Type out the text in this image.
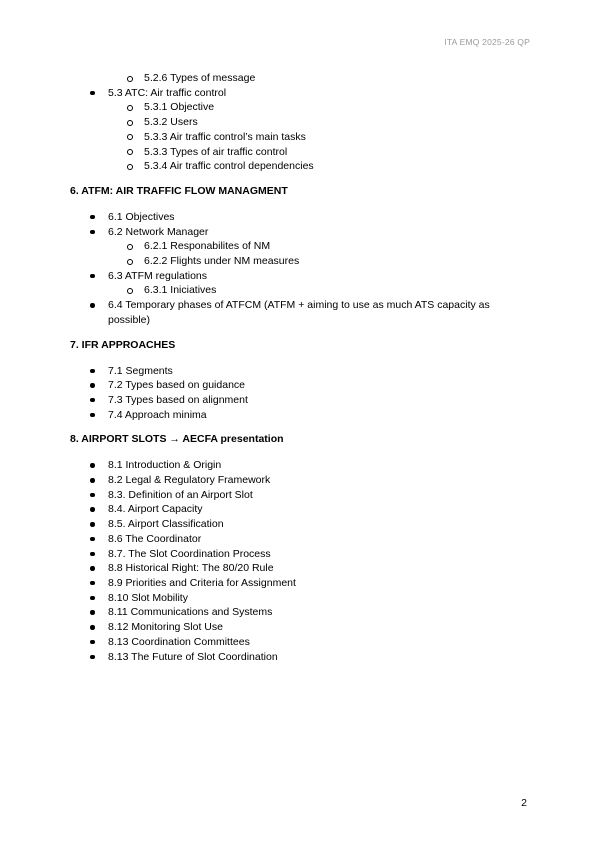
ITA EMQ 2025-26 QP
5.2.6 Types of message
5.3 ATC: Air traffic control
5.3.1 Objective
5.3.2 Users
5.3.3 Air traffic control’s main tasks
5.3.3 Types of air traffic control
5.3.4 Air traffic control dependencies
6. ATFM: AIR TRAFFIC FLOW MANAGMENT
6.1 Objectives
6.2 Network Manager
6.2.1 Responabilites of NM
6.2.2 Flights under NM measures
6.3 ATFM regulations
6.3.1 Iniciatives
6.4 Temporary phases of ATFCM (ATFM + aiming to use as much ATS capacity as possible)
7. IFR APPROACHES
7.1 Segments
7.2 Types based on guidance
7.3 Types based on alignment
7.4 Approach minima
8. AIRPORT SLOTS → AECFA presentation
8.1 Introduction & Origin
8.2 Legal & Regulatory Framework
8.3. Definition of an Airport Slot
8.4. Airport Capacity
8.5. Airport Classification
8.6 The Coordinator
8.7. The Slot Coordination Process
8.8 Historical Right: The 80/20 Rule
8.9 Priorities and Criteria for Assignment
8.10 Slot Mobility
8.11 Communications and Systems
8.12 Monitoring Slot Use
8.13 Coordination Committees
8.13 The Future of Slot Coordination
2
